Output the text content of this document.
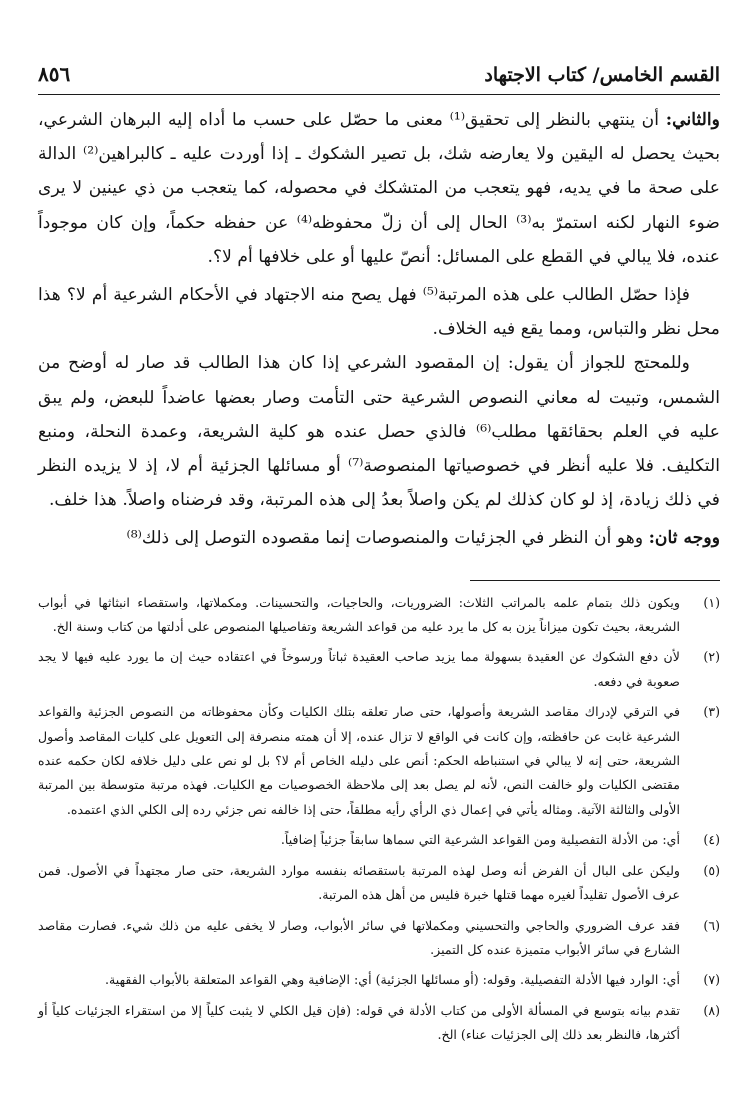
القسم الخامس/ كتاب الاجتهاد
٨٥٦

والثاني: أن ينتهي بالنظر إلى تحقيق⁽¹⁾ معنى ما حصّل على حسب ما أداه إليه البرهان الشرعي، بحيث يحصل له اليقين ولا يعارضه شك، بل تصير الشكوك ـ إذا أوردت عليه ـ كالبراهين⁽²⁾ الدالة على صحة ما في يديه، فهو يتعجب من المتشكك في محصوله، كما يتعجب من ذي عينين لا يرى ضوء النهار لكنه استمرّ به⁽³⁾ الحال إلى أن زلّ محفوظه⁽⁴⁾ عن حفظه حكماً، وإن كان موجوداً عنده، فلا يبالي في القطع على المسائل: أنصّ عليها أو على خلافها أم لا؟.

فإذا حصّل الطالب على هذه المرتبة⁽⁵⁾ فهل يصح منه الاجتهاد في الأحكام الشرعية أم لا؟ هذا محل نظر والتباس، ومما يقع فيه الخلاف.

وللمحتج للجواز أن يقول: إن المقصود الشرعي إذا كان هذا الطالب قد صار له أوضح من الشمس، وتبيت له معاني النصوص الشرعية حتى التأمت وصار بعضها عاضداً للبعض، ولم يبق عليه في العلم بحقائقها مطلب⁽⁶⁾ فالذي حصل عنده هو كلية الشريعة، وعمدة النحلة، ومنبع التكليف. فلا عليه أنظر في خصوصياتها المنصوصة⁽⁷⁾ أو مسائلها الجزئية أم لا، إذ لا يزيده النظر في ذلك زيادة، إذ لو كان كذلك لم يكن واصلاً بعدُ إلى هذه المرتبة، وقد فرضناه واصلاً. هذا خلف.

ووجه ثان: وهو أن النظر في الجزئيات والمنصوصات إنما مقصوده التوصل إلى ذلك⁽⁸⁾

(١)
ويكون ذلك بتمام علمه بالمراتب الثلاث: الضروريات، والحاجيات، والتحسينات. ومكملاتها، واستقصاء انبثاثها في أبواب الشريعة، بحيث تكون ميزاناً يزن به كل ما يرد عليه من قواعد الشريعة وتفاصيلها المنصوص على أدلتها من كتاب وسنة الخ.
(٢)
لأن دفع الشكوك عن العقيدة بسهولة مما يزيد صاحب العقيدة ثباتاً ورسوخاً في اعتقاده حيث إن ما يورد عليه فيها لا يجد صعوبة في دفعه.
(٣)
في الترقي لإدراك مقاصد الشريعة وأصولها، حتى صار تعلقه بتلك الكليات وكأن محفوظاته من النصوص الجزئية والقواعد الشرعية غابت عن حافظته، وإن كانت في الواقع لا تزال عنده، إلا أن همته منصرفة إلى التعويل على كليات المقاصد وأصول الشريعة، حتى إنه لا يبالي في استنباطه الحكم: أنص على دليله الخاص أم لا؟ بل لو نص على دليل خلافه لكان حكمه عنده مقتضى الكليات ولو خالفت النص، لأنه لم يصل بعد إلى ملاحظة الخصوصيات مع الكليات. فهذه مرتبة متوسطة بين المرتبة الأولى والثالثة الآتية. ومثاله يأتي في إعمال ذي الرأي رأيه مطلقاً، حتى إذا خالفه نص جزئي رده إلى الكلي الذي اعتمده.
(٤)
أي: من الأدلة التفصيلية ومن القواعد الشرعية التي سماها سابقاً جزئياً إضافياً.
(٥)
وليكن على البال أن الفرض أنه وصل لهذه المرتبة باستقصائه بنفسه موارد الشريعة، حتى صار مجتهداً في الأصول. فمن عرف الأصول تقليداً لغيره مهما قتلها خبرة فليس من أهل هذه المرتبة.
(٦)
فقد عرف الضروري والحاجي والتحسيني ومكملاتها في سائر الأبواب، وصار لا يخفى عليه من ذلك شيء. فصارت مقاصد الشارع في سائر الأبواب متميزة عنده كل التميز.
(٧)
أي: الوارد فيها الأدلة التفصيلية. وقوله: (أو مسائلها الجزئية) أي: الإضافية وهي القواعد المتعلقة بالأبواب الفقهية.
(٨)
تقدم بيانه بتوسع في المسألة الأولى من كتاب الأدلة في قوله: (فإن قيل الكلي لا يثبت كلياً إلا من استقراء الجزئيات كلياً أو أكثرها، فالنظر بعد ذلك إلى الجزئيات عناء) الخ.
